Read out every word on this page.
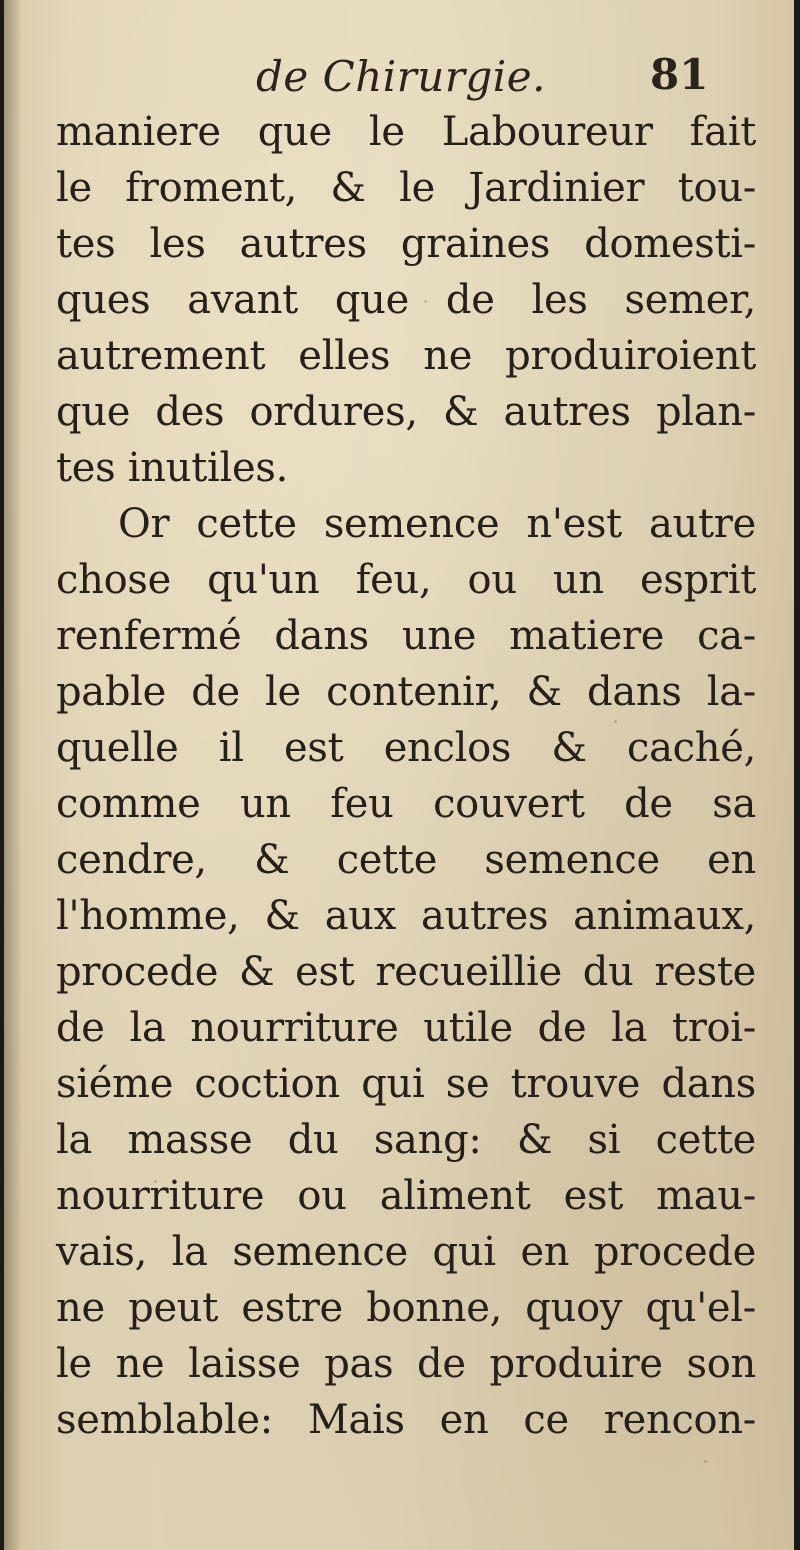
de Chirurgie. 81
maniere que le Laboureur fait
le froment, & le Jardinier tou-
tes les autres graines domesti-
ques avant que de les semer,
autrement elles ne produiroient
que des ordures, & autres plan-
tes inutiles.
Or cette semence n'est autre
chose qu'un feu, ou un esprit
renfermé dans une matiere ca-
pable de le contenir, & dans la-
quelle il est enclos & caché,
comme un feu couvert de sa
cendre, & cette semence en
l'homme, & aux autres animaux,
procede & est recueillie du reste
de la nourriture utile de la troi-
siéme coction qui se trouve dans
la masse du sang: & si cette
nourriture ou aliment est mau-
vais, la semence qui en procede
ne peut estre bonne, quoy qu'el-
le ne laisse pas de produire son
semblable: Mais en ce rencon-
